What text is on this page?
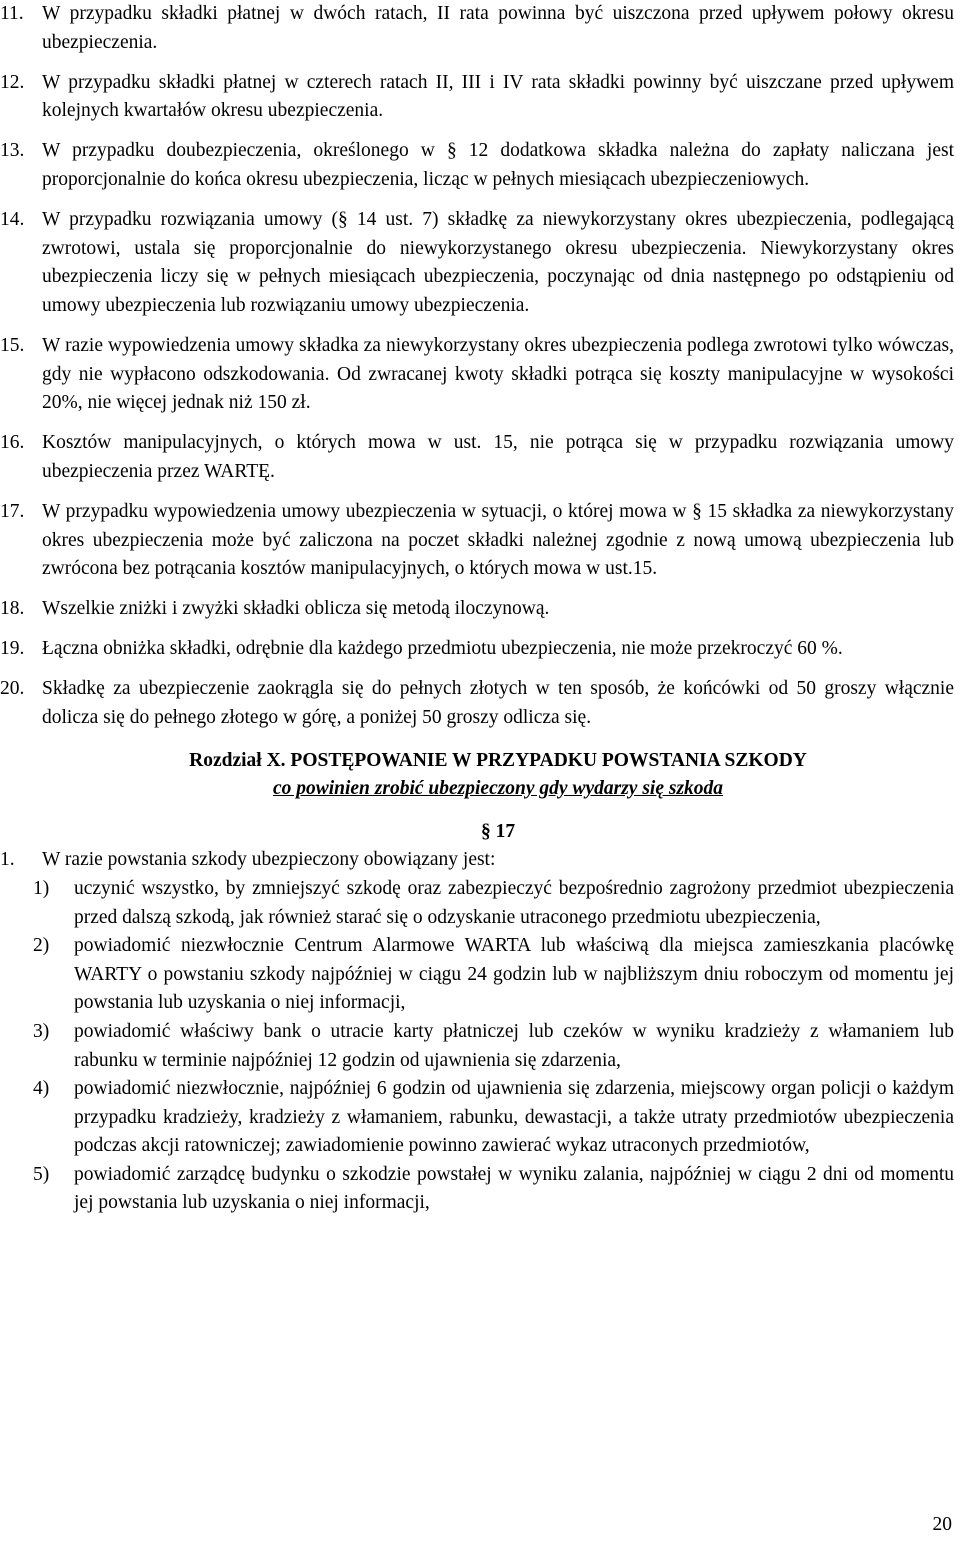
11. W przypadku składki płatnej w dwóch ratach, II rata powinna być uiszczona przed upływem połowy okresu ubezpieczenia.
12. W przypadku składki płatnej w czterech ratach II, III i IV rata składki powinny być uiszczane przed upływem kolejnych kwartałów okresu ubezpieczenia.
13. W przypadku doubezpieczenia, określonego w § 12 dodatkowa składka należna do zapłaty naliczana jest proporcjonalnie do końca okresu ubezpieczenia, licząc w pełnych miesiącach ubezpieczeniowych.
14. W przypadku rozwiązania umowy (§ 14 ust. 7) składkę za niewykorzystany okres ubezpieczenia, podlegającą zwrotowi, ustala się proporcjonalnie do niewykorzystanego okresu ubezpieczenia. Niewykorzystany okres ubezpieczenia liczy się w pełnych miesiącach ubezpieczenia, poczynając od dnia następnego po odstąpieniu od umowy ubezpieczenia lub rozwiązaniu umowy ubezpieczenia.
15. W razie wypowiedzenia umowy składka za niewykorzystany okres ubezpieczenia podlega zwrotowi tylko wówczas, gdy nie wypłacono odszkodowania. Od zwracanej kwoty składki potrąca się koszty manipulacyjne w wysokości 20%, nie więcej jednak niż 150 zł.
16. Kosztów manipulacyjnych, o których mowa w ust. 15, nie potrąca się w przypadku rozwiązania umowy ubezpieczenia przez WARTĘ.
17. W przypadku wypowiedzenia umowy ubezpieczenia w sytuacji, o której mowa w § 15 składka za niewykorzystany okres ubezpieczenia może być zaliczona na poczet składki należnej zgodnie z nową umową ubezpieczenia lub zwrócona bez potrącania kosztów manipulacyjnych, o których mowa w ust.15.
18. Wszelkie zniżki i zwyżki składki oblicza się metodą iloczynową.
19. Łączna obniżka składki, odrębnie dla każdego przedmiotu ubezpieczenia, nie może przekroczyć 60 %.
20. Składkę za ubezpieczenie zaokrągla się do pełnych złotych w ten sposób, że końcówki od 50 groszy włącznie dolicza się do pełnego złotego w górę, a poniżej 50 groszy odlicza się.
Rozdział X. POSTĘPOWANIE W PRZYPADKU POWSTANIA SZKODY
co powinien zrobić ubezpieczony gdy wydarzy się szkoda
§ 17
1. W razie powstania szkody ubezpieczony obowiązany jest:
1) uczynić wszystko, by zmniejszyć szkodę oraz zabezpieczyć bezpośrednio zagrożony przedmiot ubezpieczenia przed dalszą szkodą, jak również starać się o odzyskanie utraconego przedmiotu ubezpieczenia,
2) powiadomić niezwłocznie Centrum Alarmowe WARTA lub właściwą dla miejsca zamieszkania placówkę WARTY o powstaniu szkody najpóźniej w ciągu 24 godzin lub w najbliższym dniu roboczym od momentu jej powstania lub uzyskania o niej informacji,
3) powiadomić właściwy bank o utracie karty płatniczej lub czeków w wyniku kradzieży z włamaniem lub rabunku w terminie najpóźniej 12 godzin od ujawnienia się zdarzenia,
4) powiadomić niezwłocznie, najpóźniej 6 godzin od ujawnienia się zdarzenia, miejscowy organ policji o każdym przypadku kradzieży, kradzieży z włamaniem, rabunku, dewastacji, a także utraty przedmiotów ubezpieczenia podczas akcji ratowniczej; zawiadomienie powinno zawierać wykaz utraconych przedmiotów,
5) powiadomić zarządcę budynku o szkodzie powstałej w wyniku zalania, najpóźniej w ciągu 2 dni od momentu jej powstania lub uzyskania o niej informacji,
20
